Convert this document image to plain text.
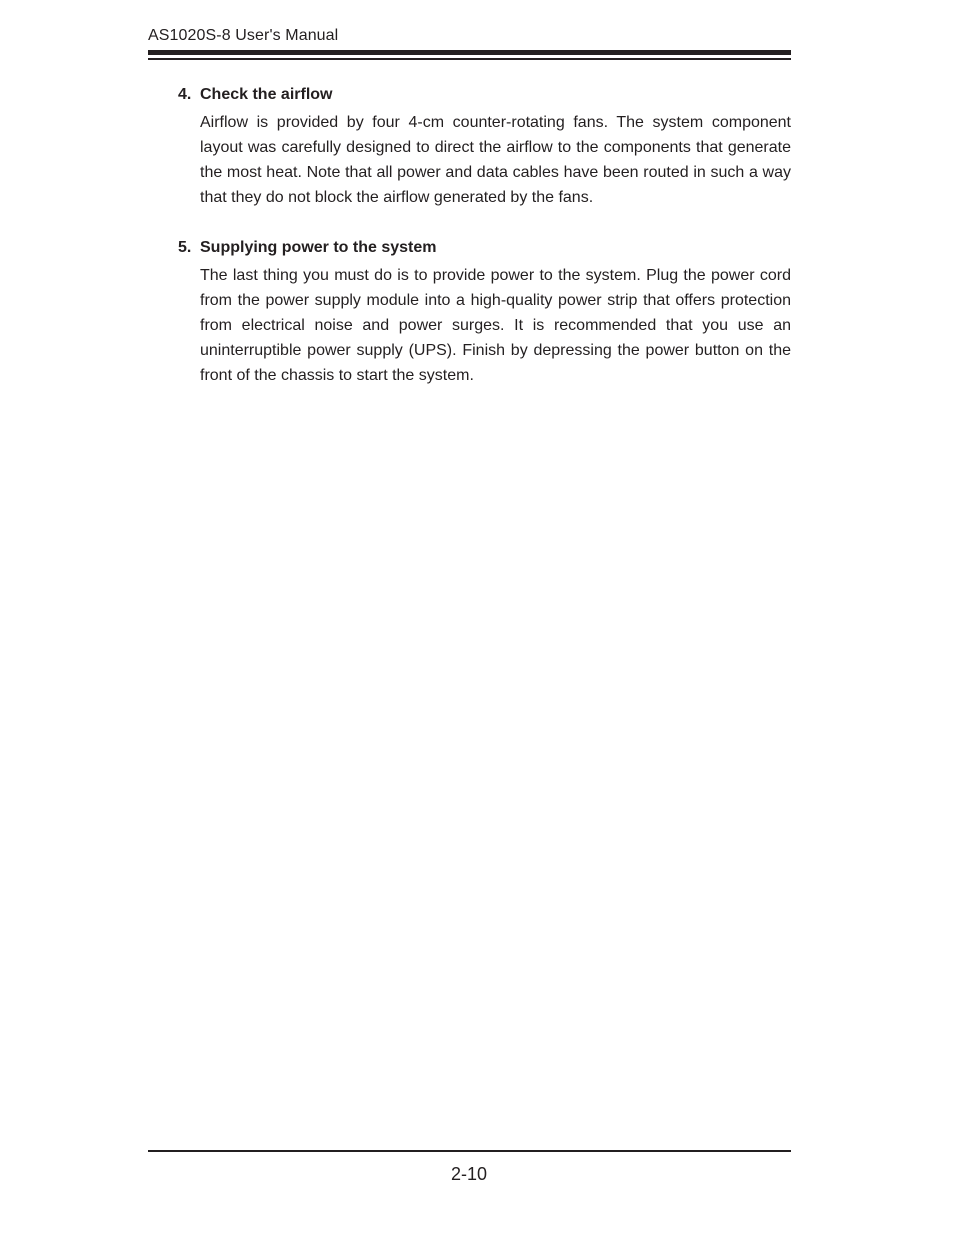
AS1020S-8 User's Manual

4. Check the airflow

Airflow is provided by four 4-cm counter-rotating fans. The system component layout was carefully designed to direct the airflow to the components that generate the most heat. Note that all power and data cables have been routed in such a way that they do not block the airflow generated by the fans.

5. Supplying power to the system

The last thing you must do is to provide power to the system. Plug the power cord from the power supply module into a high-quality power strip that offers protection from electrical noise and power surges. It is recommended that you use an uninterruptible power supply (UPS). Finish by depressing the power button on the front of the chassis to start the system.

2-10
